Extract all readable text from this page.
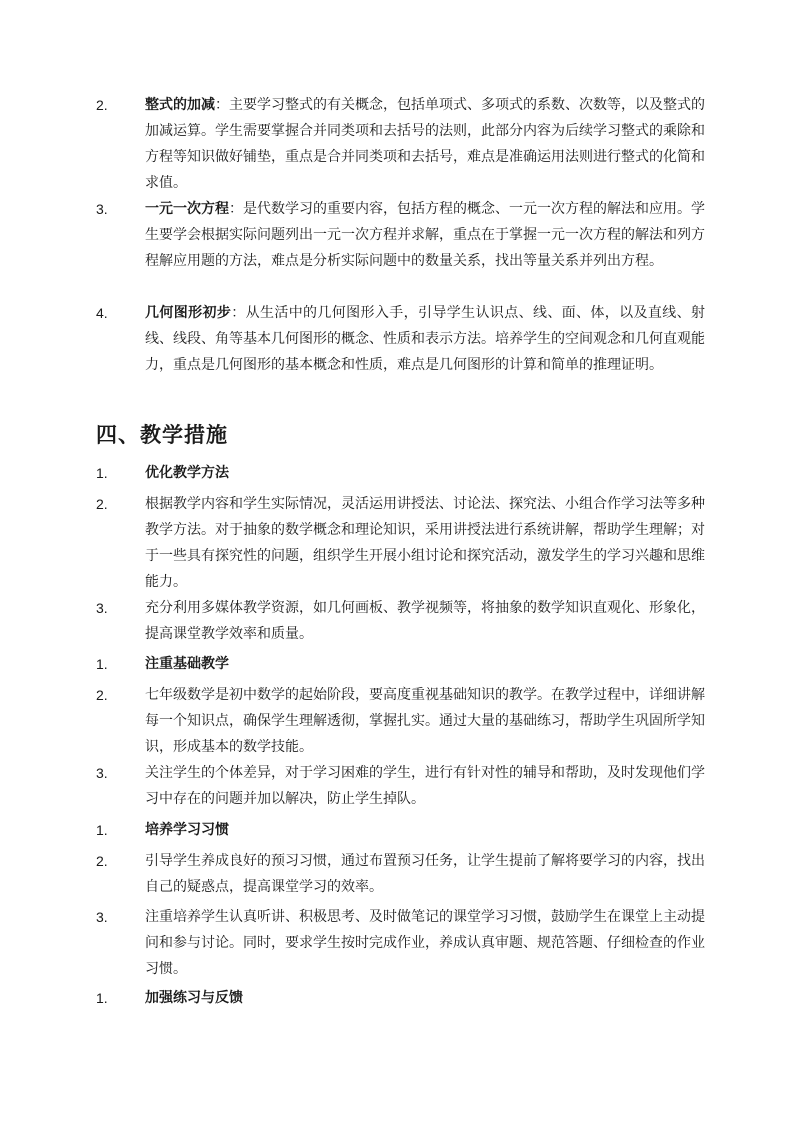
2.	整式的加减：主要学习整式的有关概念，包括单项式、多项式的系数、次数等，以及整式的加减运算。学生需要掌握合并同类项和去括号的法则，此部分内容为后续学习整式的乘除和方程等知识做好铺垫，重点是合并同类项和去括号，难点是准确运用法则进行整式的化简和求值。
3.	一元一次方程：是代数学习的重要内容，包括方程的概念、一元一次方程的解法和应用。学生要学会根据实际问题列出一元一次方程并求解，重点在于掌握一元一次方程的解法和列方程解应用题的方法，难点是分析实际问题中的数量关系，找出等量关系并列出方程。
4.	几何图形初步：从生活中的几何图形入手，引导学生认识点、线、面、体，以及直线、射线、线段、角等基本几何图形的概念、性质和表示方法。培养学生的空间观念和几何直观能力，重点是几何图形的基本概念和性质，难点是几何图形的计算和简单的推理证明。
四、教学措施
1.	优化教学方法
2.	根据教学内容和学生实际情况，灵活运用讲授法、讨论法、探究法、小组合作学习法等多种教学方法。对于抽象的数学概念和理论知识，采用讲授法进行系统讲解，帮助学生理解；对于一些具有探究性的问题，组织学生开展小组讨论和探究活动，激发学生的学习兴趣和思维能力。
3.	充分利用多媒体教学资源，如几何画板、教学视频等，将抽象的数学知识直观化、形象化，提高课堂教学效率和质量。
1.	注重基础教学
2.	七年级数学是初中数学的起始阶段，要高度重视基础知识的教学。在教学过程中，详细讲解每一个知识点，确保学生理解透彻，掌握扎实。通过大量的基础练习，帮助学生巩固所学知识，形成基本的数学技能。
3.	关注学生的个体差异，对于学习困难的学生，进行有针对性的辅导和帮助，及时发现他们学习中存在的问题并加以解决，防止学生掉队。
1.	培养学习习惯
2.	引导学生养成良好的预习习惯，通过布置预习任务，让学生提前了解将要学习的内容，找出自己的疑惑点，提高课堂学习的效率。
3.	注重培养学生认真听讲、积极思考、及时做笔记的课堂学习习惯，鼓励学生在课堂上主动提问和参与讨论。同时，要求学生按时完成作业，养成认真审题、规范答题、仔细检查的作业习惯。
1.	加强练习与反馈
